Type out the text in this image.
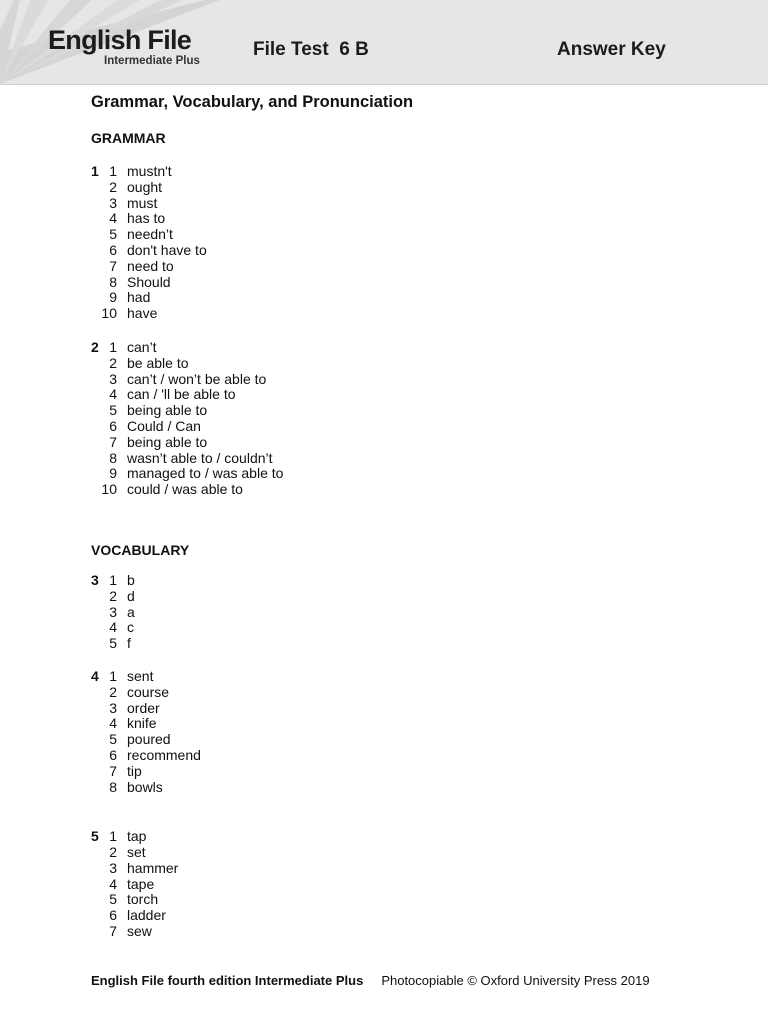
English File
Intermediate Plus
File Test  6 B	Answer Key
Grammar, Vocabulary, and Pronunciation
GRAMMAR
1 1 mustn't
2 ought
3 must
4 has to
5 needn’t
6 don't have to
7 need to
8 Should
9 had
10 have
2 1 can’t
2 be able to
3 can’t / won’t be able to
4 can / 'll be able to
5 being able to
6 Could / Can
7 being able to
8 wasn’t able to / couldn’t
9 managed to / was able to
10 could / was able to
VOCABULARY
3 1 b
2 d
3 a
4 c
5 f
4 1 sent
2 course
3 order
4 knife
5 poured
6 recommend
7 tip
8 bowls
5 1 tap
2 set
3 hammer
4 tape
5 torch
6 ladder
7 sew
English File fourth edition Intermediate Plus Photocopiable © Oxford University Press 2019
